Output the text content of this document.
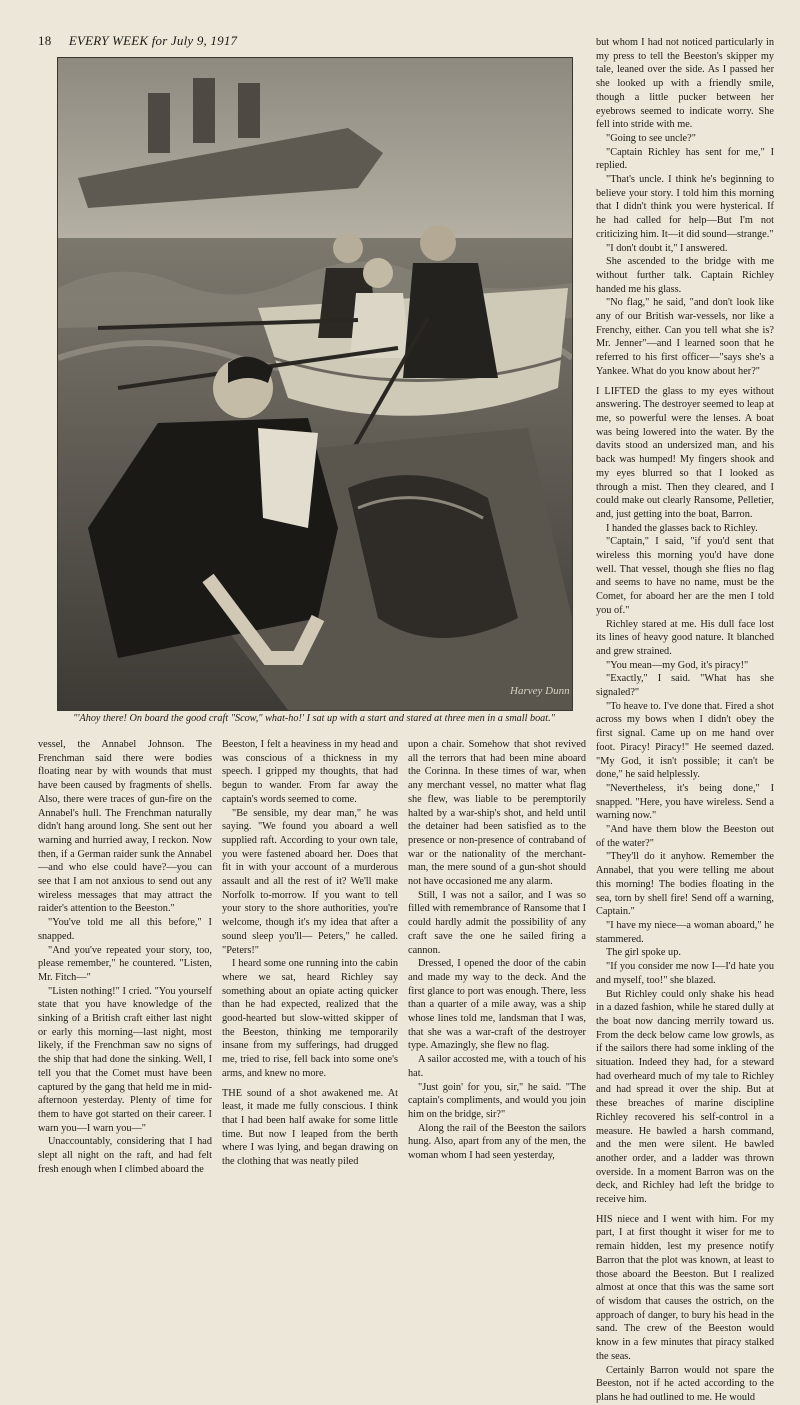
18 EVERY WEEK for July 9, 1917
Harvey Dunn
"'Ahoy there! On board the good craft "Scow," what-ho!' I sat up with a start and stared at three men in a small boat."

vessel, the Annabel Johnson. The Frenchman said there were bodies floating near by with wounds that must have been caused by fragments of shells. Also, there were traces of gun-fire on the Annabel's hull. The Frenchman naturally didn't hang around long. She sent out her warning and hurried away, I reckon. Now then, if a German raider sunk the Annabel—and who else could have?—you can see that I am not anxious to send out any wireless messages that may attract the raider's attention to the Beeston."

"You've told me all this before," I snapped.

"And you've repeated your story, too, please remember," he countered. "Listen, Mr. Fitch—"

"Listen nothing!" I cried. "You yourself state that you have knowledge of the sinking of a British craft either last night or early this morning—last night, most likely, if the Frenchman saw no signs of the ship that had done the sinking. Well, I tell you that the Comet must have been captured by the gang that held me in mid-afternoon yesterday. Plenty of time for them to have got started on their career. I warn you—I warn you—"

Unaccountably, considering that I had slept all night on the raft, and had felt fresh enough when I climbed aboard the

Beeston, I felt a heaviness in my head and was conscious of a thickness in my speech. I gripped my thoughts, that had begun to wander. From far away the captain's words seemed to come.

"Be sensible, my dear man," he was saying. "We found you aboard a well supplied raft. According to your own tale, you were fastened aboard her. Does that fit in with your account of a murderous assault and all the rest of it? We'll make Norfolk to-morrow. If you want to tell your story to the shore authorities, you're welcome, though it's my idea that after a sound sleep you'll— Peters," he called. "Peters!"

I heard some one running into the cabin where we sat, heard Richley say something about an opiate acting quicker than he had expected, realized that the good-hearted but slow-witted skipper of the Beeston, thinking me temporarily insane from my sufferings, had drugged me, tried to rise, fell back into some one's arms, and knew no more.

THE sound of a shot awakened me. At least, it made me fully conscious. I think that I had been half awake for some little time. But now I leaped from the berth where I was lying, and began drawing on the clothing that was neatly piled

upon a chair. Somehow that shot revived all the terrors that had been mine aboard the Corinna. In these times of war, when any merchant vessel, no matter what flag she flew, was liable to be peremptorily halted by a war-ship's shot, and held until the detainer had been satisfied as to the presence or non-presence of contraband of war or the nationality of the merchant-man, the mere sound of a gun-shot should not have occasioned me any alarm.

Still, I was not a sailor, and I was so filled with remembrance of Ransome that I could hardly admit the possibility of any craft save the one he sailed firing a cannon.

Dressed, I opened the door of the cabin and made my way to the deck. And the first glance to port was enough. There, less than a quarter of a mile away, was a ship whose lines told me, landsman that I was, that she was a war-craft of the destroyer type. Amazingly, she flew no flag.

A sailor accosted me, with a touch of his hat.

"Just goin' for you, sir," he said. "The captain's compliments, and would you join him on the bridge, sir?"

Along the rail of the Beeston the sailors hung. Also, apart from any of the men, the woman whom I had seen yesterday,

but whom I had not noticed particularly in my press to tell the Beeston's skipper my tale, leaned over the side. As I passed her she looked up with a friendly smile, though a little pucker between her eyebrows seemed to indicate worry. She fell into stride with me.

"Going to see uncle?"

"Captain Richley has sent for me," I replied.

"That's uncle. I think he's beginning to believe your story. I told him this morning that I didn't think you were hysterical. If he had called for help—But I'm not criticizing him. It—it did sound—strange."

"I don't doubt it," I answered.

She ascended to the bridge with me without further talk. Captain Richley handed me his glass.

"No flag," he said, "and don't look like any of our British war-vessels, nor like a Frenchy, either. Can you tell what she is? Mr. Jenner"—and I learned soon that he referred to his first officer—"says she's a Yankee. What do you know about her?"

I LIFTED the glass to my eyes without answering. The destroyer seemed to leap at me, so powerful were the lenses. A boat was being lowered into the water. By the davits stood an undersized man, and his back was humped! My fingers shook and my eyes blurred so that I looked as through a mist. Then they cleared, and I could make out clearly Ransome, Pelletier, and, just getting into the boat, Barron.

I handed the glasses back to Richley.

"Captain," I said, "if you'd sent that wireless this morning you'd have done well. That vessel, though she flies no flag and seems to have no name, must be the Comet, for aboard her are the men I told you of."

Richley stared at me. His dull face lost its lines of heavy good nature. It blanched and grew strained.

"You mean—my God, it's piracy!"

"Exactly," I said. "What has she signaled?"

"To heave to. I've done that. Fired a shot across my bows when I didn't obey the first signal. Came up on me hand over foot. Piracy! Piracy!" He seemed dazed. "My God, it isn't possible; it can't be done," he said helplessly.

"Nevertheless, it's being done," I snapped. "Here, you have wireless. Send a warning now."

"And have them blow the Beeston out of the water?"

"They'll do it anyhow. Remember the Annabel, that you were telling me about this morning! The bodies floating in the sea, torn by shell fire! Send off a warning, Captain."

"I have my niece—a woman aboard," he stammered.

The girl spoke up.

"If you consider me now I—I'd hate you and myself, too!" she blazed.

But Richley could only shake his head in a dazed fashion, while he stared dully at the boat now dancing merrily toward us. From the deck below came low growls, as if the sailors there had some inkling of the situation. Indeed they had, for a steward had overheard much of my tale to Richley and had spread it over the ship. But at these breaches of marine discipline Richley recovered his self-control in a measure. He bawled a harsh command, and the men were silent. He bawled another order, and a ladder was thrown overside. In a moment Barron was on the deck, and Richley had left the bridge to receive him.

HIS niece and I went with him. For my part, I at first thought it wiser for me to remain hidden, lest my presence notify Barron that the plot was known, at least to those aboard the Beeston. But I realized almost at once that this was the same sort of wisdom that causes the ostrich, on the approach of danger, to bury his head in the sand. The crew of the Beeston would know in a few minutes that piracy stalked the seas.

Certainly Barron would not spare the Beeston, not if he acted according to the plans he had outlined to me. He would
